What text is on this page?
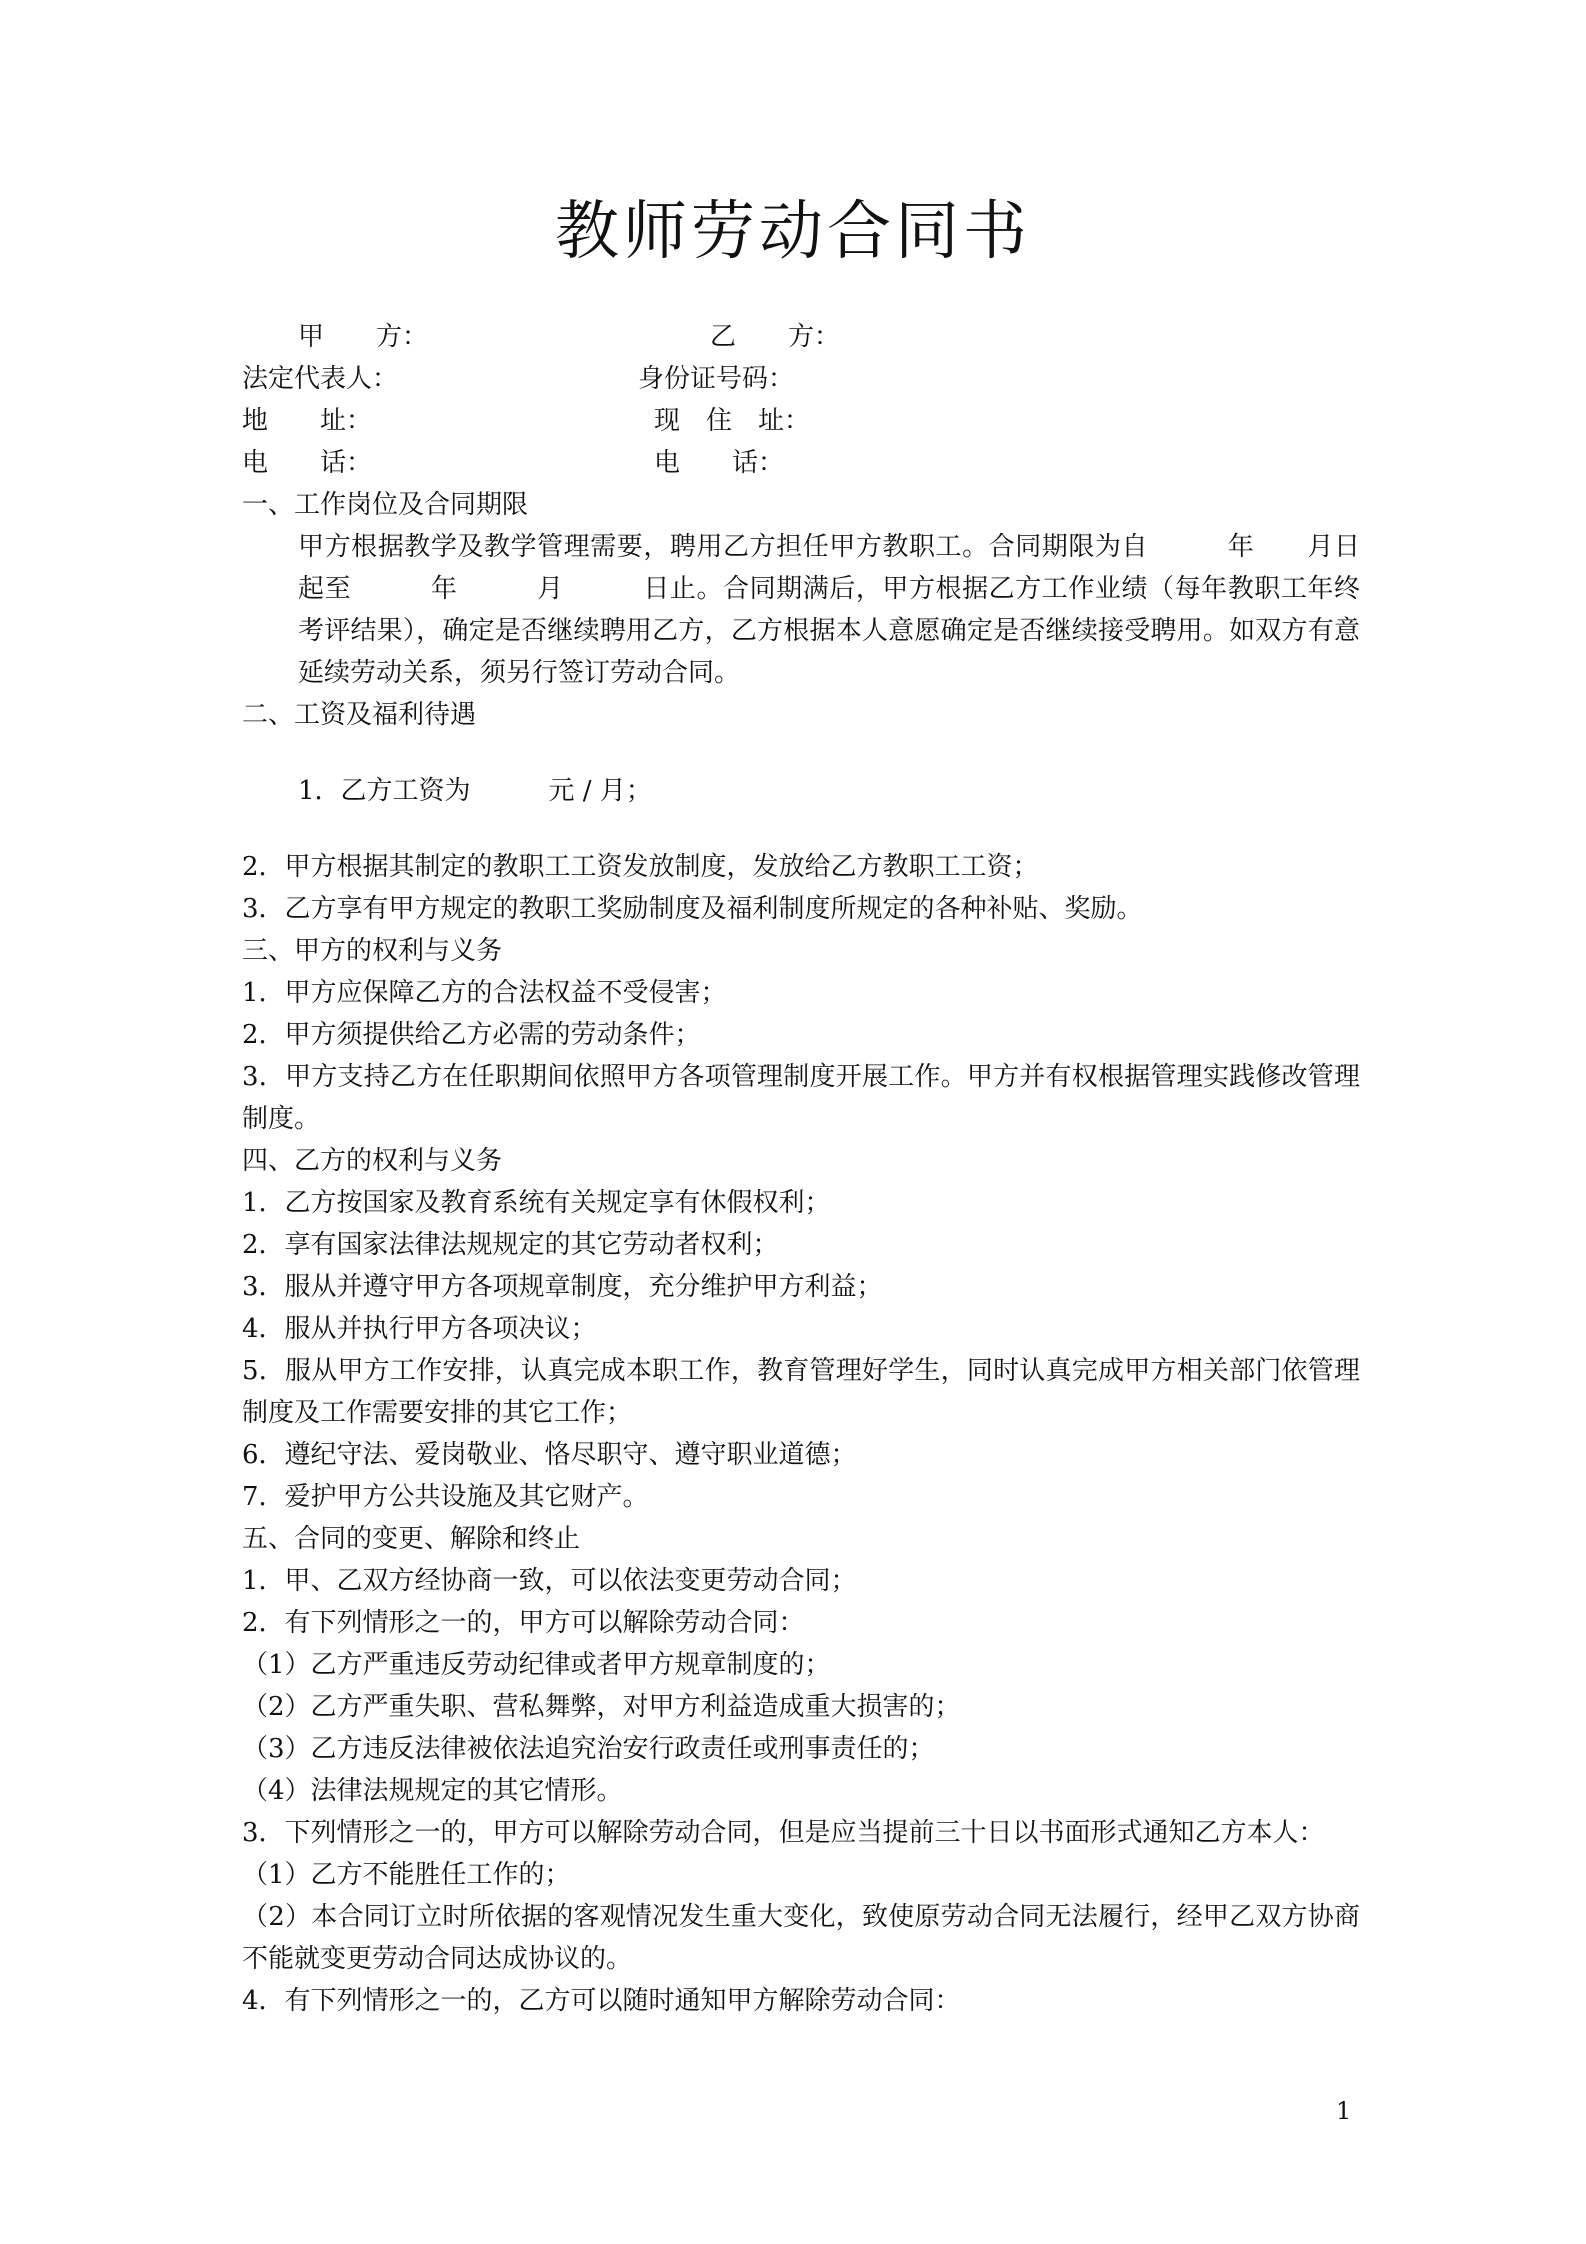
教师劳动合同书
甲　　方：	乙　　方：
法定代表人：	身份证号码：
地　　址：	现　住　址：
电　　话：	电　　话：
一、工作岗位及合同期限
甲方根据教学及教学管理需要，聘用乙方担任甲方教职工。合同期限为自　　　年　　月日起至　　　年　　　月　　　日止。合同期满后，甲方根据乙方工作业绩（每年教职工年终考评结果），确定是否继续聘用乙方，乙方根据本人意愿确定是否继续接受聘用。如双方有意延续劳动关系，须另行签订劳动合同。
二、工资及福利待遇
1．乙方工资为　　　元 / 月；
2．甲方根据其制定的教职工工资发放制度，发放给乙方教职工工资；
3．乙方享有甲方规定的教职工奖励制度及福利制度所规定的各种补贴、奖励。
三、甲方的权利与义务
1．甲方应保障乙方的合法权益不受侵害；
2．甲方须提供给乙方必需的劳动条件；
3．甲方支持乙方在任职期间依照甲方各项管理制度开展工作。甲方并有权根据管理实践修改管理制度。
四、乙方的权利与义务
1．乙方按国家及教育系统有关规定享有休假权利；
2．享有国家法律法规规定的其它劳动者权利；
3．服从并遵守甲方各项规章制度，充分维护甲方利益；
4．服从并执行甲方各项决议；
5．服从甲方工作安排，认真完成本职工作，教育管理好学生，同时认真完成甲方相关部门依管理制度及工作需要安排的其它工作；
6．遵纪守法、爱岗敬业、恪尽职守、遵守职业道德；
7．爱护甲方公共设施及其它财产。
五、合同的变更、解除和终止
1．甲、乙双方经协商一致，可以依法变更劳动合同；
2．有下列情形之一的，甲方可以解除劳动合同：
（1）乙方严重违反劳动纪律或者甲方规章制度的；
（2）乙方严重失职、营私舞弊，对甲方利益造成重大损害的；
（3）乙方违反法律被依法追究治安行政责任或刑事责任的；
（4）法律法规规定的其它情形。
3．下列情形之一的，甲方可以解除劳动合同，但是应当提前三十日以书面形式通知乙方本人：
（1）乙方不能胜任工作的；
（2）本合同订立时所依据的客观情况发生重大变化，致使原劳动合同无法履行，经甲乙双方协商不能就变更劳动合同达成协议的。
4．有下列情形之一的，乙方可以随时通知甲方解除劳动合同：
1
